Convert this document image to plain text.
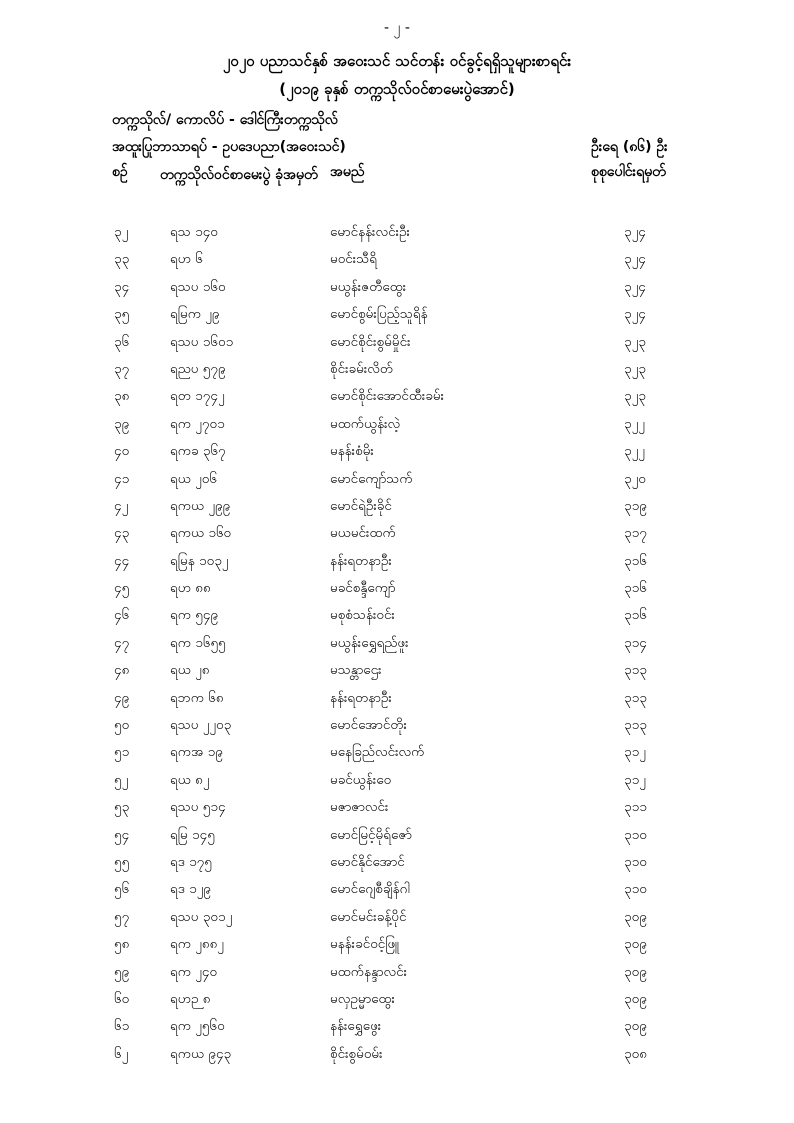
- ၂ -
၂၀၂၀ ပညာသင်နှစ် အဝေးသင် သင်တန်း ဝင်ခွင့်ရရှိသူများစာရင်း
(၂၀၁၉ ခုနှစ် တက္ကသိုလ်ဝင်စာမေးပွဲအောင်)
တက္ကသိုလ်/ ကောလိပ် - ဒေါင်ကြီးတက္ကသိုလ်
အထူးပြုဘာသာရပ် - ဥပဒေပညာ(အဝေးသင်)	ဦးရေ (၈၆) ဦး
စဉ် တက္ကသိုလ်ဝင်စာမေးပွဲ ခုံအမှတ် အမည်	စုစုပေါင်းရမှတ်
၃၂	ရသ ၁၄၀	မောင်နန်းလင်းဦး	၃၂၄
၃၃	ရဟ ၆	မဝင်းသီရိ	၃၂၄
၃၄	ရသပ ၁၆၀	မယွန်းဇတီထွေး	၃၂၄
၃၅	ရမြက ၂၉	မောင်စွမ်းပြည့်သူရိန်	၃၂၄
၃၆	ရသပ ၁၆၀၁	မောင်စိုင်းစွမ်မှိုင်း	၃၂၃
၃၇	ရညပ ၅၇၉	စိုင်းခမ်းလိတ်	၃၂၃
၃၈	ရတ ၁၇၄၂	မောင်စိုင်းအောင်ထီးခမ်း	၃၂၃
၃၉	ရက ၂၇၀၁	မထက်ယွန်းလဲ့	၃၂၂
၄၀	ရကခ ၃၆၇	မနန်းစံမိုး	၃၂၂
၄၁	ရယ ၂၀၆	မောင်ကျော်သက်	၃၂၀
၄၂	ရကယ ၂၉၉	မောင်ရဲဦးခိုင်	၃၁၉
၄၃	ရကယ ၁၆၀	မယမင်းထက်	၃၁၇
၄၄	ရမြန ၁၀၃၂	နန်းရတနာဦး	၃၁၆
၄၅	ရဟ ၈၈	မခင်စန္ဒီကျော်	၃၁၆
၄၆	ရက ၅၄၉	မစုစံသန်းဝင်း	၃၁၆
၄၇	ရက ၁၆၅၅	မယွန်းရွှေရည်ဖူး	၃၁၄
၄၈	ရယ ၂၈	မသန္တာဌေး	၃၁၃
၄၉	ရဘက ၆၈	နန်းရတနာဦး	၃၁၃
၅၀	ရသပ ၂၂၀၃	မောင်အောင်တိုး	၃၁၃
၅၁	ရကအ ၁၉	မနေခြည်လင်းလက်	၃၁၂
၅၂	ရယ ၈၂	မခင်ယွန်းဝေ	၃၁၂
၅၃	ရသပ ၅၁၄	မဇာဇာလင်း	၃၁၁
၅၄	ရမြ ၁၄၅	မောင်မြင့်မိုရ်ဇော်	၃၁၀
၅၅	ရဒ ၁၇၅	မောင်နိုင်အောင်	၃၁၀
၅၆	ရဒ ၁၂၉	မောင်ဂျေစီချိန်ဂါ	၃၁၀
၅၇	ရသပ ၃၀၁၂	မောင်မင်းခန့်ပိုင်	၃၀၉
၅၈	ရက ၂၈၈၂	မနန်းခင်ဝင့်ဖြူ	၃၀၉
၅၉	ရက ၂၄၀	မထက်နန္ဒာလင်း	၃၀၉
၆၀	ရဟဉ ၈	မလှဥမ္မာထွေး	၃၀၉
၆၁	ရက ၂၅၆၀	နန်းရွှေဖွေး	၃၀၉
၆၂	ရကယ ၉၄၃	စိုင်းစွမ်ဝမ်း	၃၀၈
